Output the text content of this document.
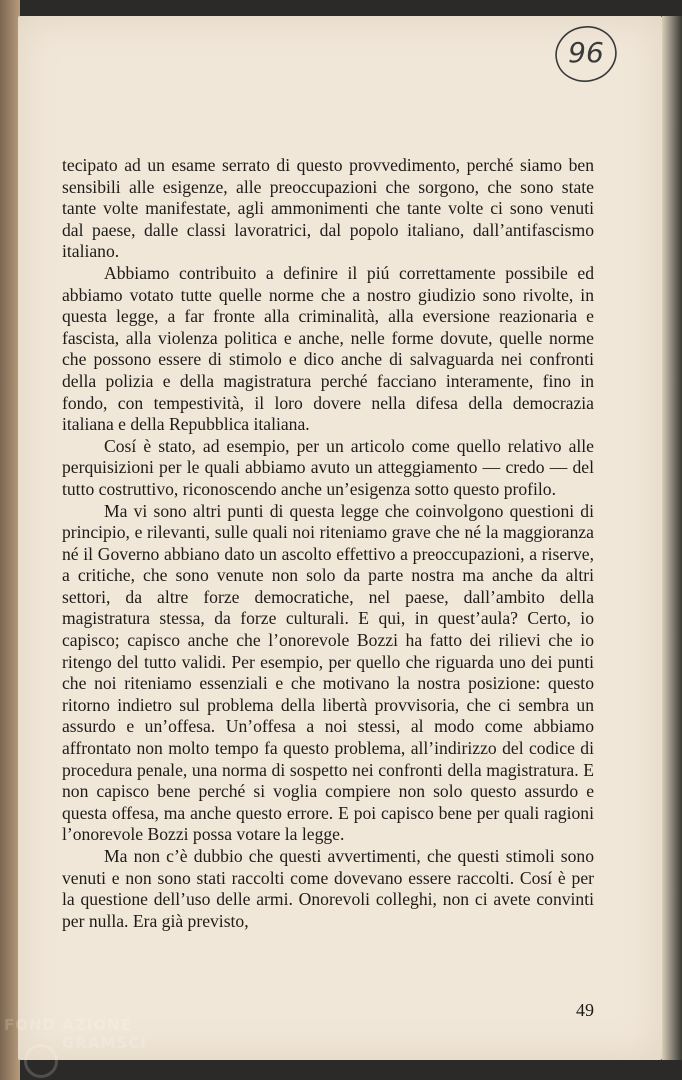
96

tecipato ad un esame serrato di questo provvedimento, perché siamo ben sensibili alle esigenze, alle preoccupazioni che sorgono, che sono state tante volte manifestate, agli ammonimenti che tante volte ci sono venuti dal paese, dalle classi lavoratrici, dal popolo italiano, dall’antifascismo italiano.

Abbiamo contribuito a definire il piú correttamente possibile ed abbiamo votato tutte quelle norme che a nostro giudizio sono rivolte, in questa legge, a far fronte alla criminalità, alla eversione reazionaria e fascista, alla violenza politica e anche, nelle forme dovute, quelle norme che possono essere di stimolo e dico anche di salvaguarda nei confronti della polizia e della magistratura perché facciano interamente, fino in fondo, con tempestività, il loro dovere nella difesa della democrazia italiana e della Repubblica italiana.

Cosí è stato, ad esempio, per un articolo come quello relativo alle perquisizioni per le quali abbiamo avuto un atteggiamento — credo — del tutto costruttivo, riconoscendo anche un’esigenza sotto questo profilo.

Ma vi sono altri punti di questa legge che coinvolgono questioni di principio, e rilevanti, sulle quali noi riteniamo grave che né la maggioranza né il Governo abbiano dato un ascolto effettivo a preoccupazioni, a riserve, a critiche, che sono venute non solo da parte nostra ma anche da altri settori, da altre forze democratiche, nel paese, dall’ambito della magistratura stessa, da forze culturali. E qui, in quest’aula? Certo, io capisco; capisco anche che l’onorevole Bozzi ha fatto dei rilievi che io ritengo del tutto validi. Per esempio, per quello che riguarda uno dei punti che noi riteniamo essenziali e che motivano la nostra posizione: questo ritorno indietro sul problema della libertà provvisoria, che ci sembra un assurdo e un’offesa. Un’offesa a noi stessi, al modo come abbiamo affrontato non molto tempo fa questo problema, all’indirizzo del codice di procedura penale, una norma di sospetto nei confronti della magistratura. E non capisco bene perché si voglia compiere non solo questo assurdo e questa offesa, ma anche questo errore. E poi capisco bene per quali ragioni l’onorevole Bozzi possa votare la legge.

Ma non c’è dubbio che questi avvertimenti, che questi stimoli sono venuti e non sono stati raccolti come dovevano essere raccolti. Cosí è per la questione dell’uso delle armi. Onorevoli colleghi, non ci avete convinti per nulla. Era già previsto,

49
FOND AZIONE
GRAMSCI
